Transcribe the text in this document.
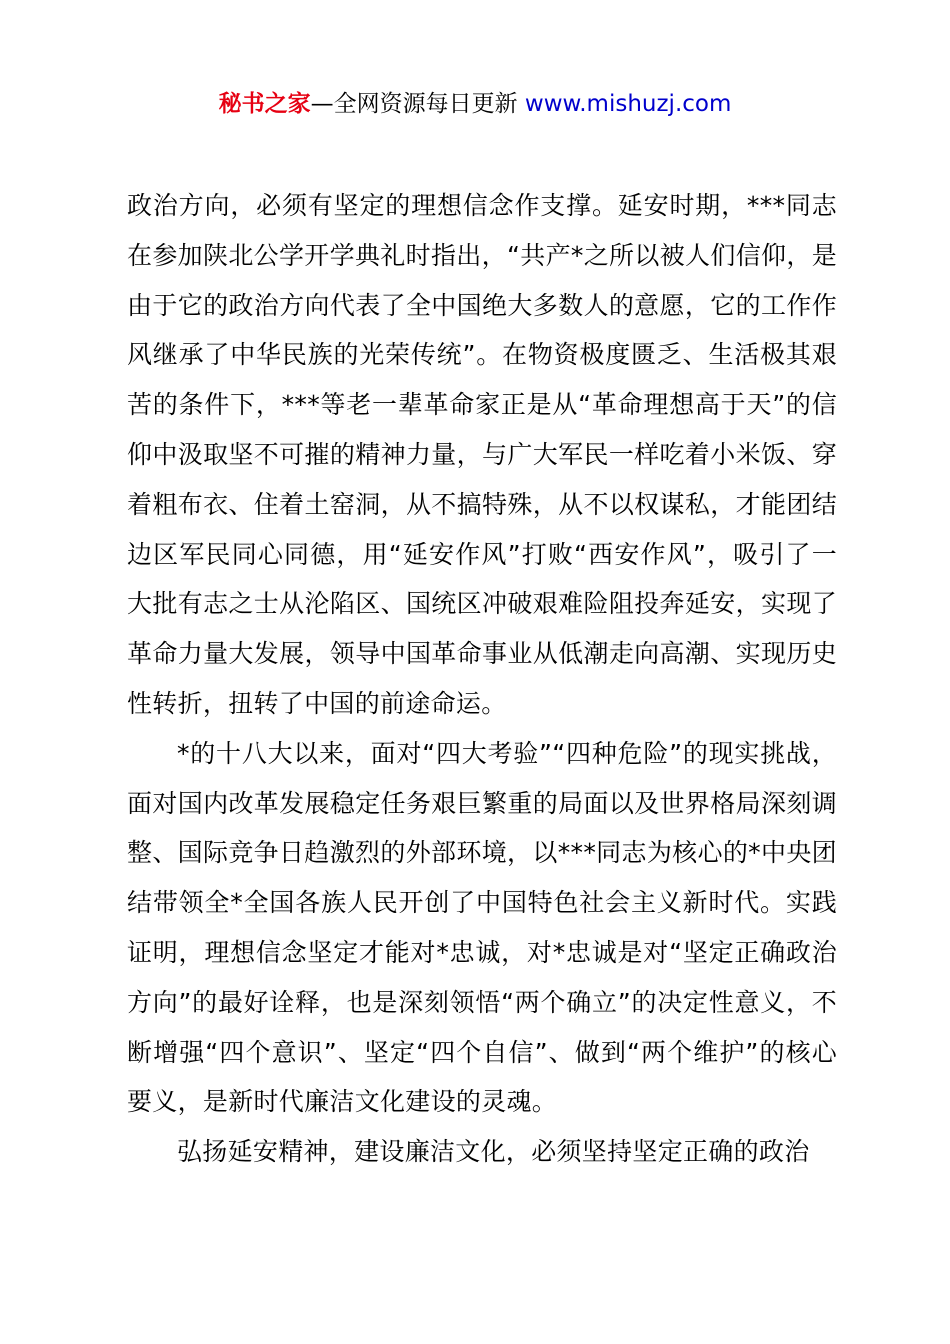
秘书之家—全网资源每日更新 www.mishuzj.com

政治方向，必须有坚定的理想信念作支撑。延安时期，***同志在参加陕北公学开学典礼时指出，“共产*之所以被人们信仰，是由于它的政治方向代表了全中国绝大多数人的意愿，它的工作作风继承了中华民族的光荣传统”。在物资极度匮乏、生活极其艰苦的条件下，***等老一辈革命家正是从“革命理想高于天”的信仰中汲取坚不可摧的精神力量，与广大军民一样吃着小米饭、穿着粗布衣、住着土窑洞，从不搞特殊，从不以权谋私，才能团结边区军民同心同德，用“延安作风”打败“西安作风”，吸引了一大批有志之士从沦陷区、国统区冲破艰难险阻投奔延安，实现了革命力量大发展，领导中国革命事业从低潮走向高潮、实现历史性转折，扭转了中国的前途命运。

*的十八大以来，面对“四大考验”“四种危险”的现实挑战，面对国内改革发展稳定任务艰巨繁重的局面以及世界格局深刻调整、国际竞争日趋激烈的外部环境，以***同志为核心的*中央团结带领全*全国各族人民开创了中国特色社会主义新时代。实践证明，理想信念坚定才能对*忠诚，对*忠诚是对“坚定正确政治方向”的最好诠释，也是深刻领悟“两个确立”的决定性意义，不断增强“四个意识”、坚定“四个自信”、做到“两个维护”的核心要义，是新时代廉洁文化建设的灵魂。

弘扬延安精神，建设廉洁文化，必须坚持坚定正确的政治
